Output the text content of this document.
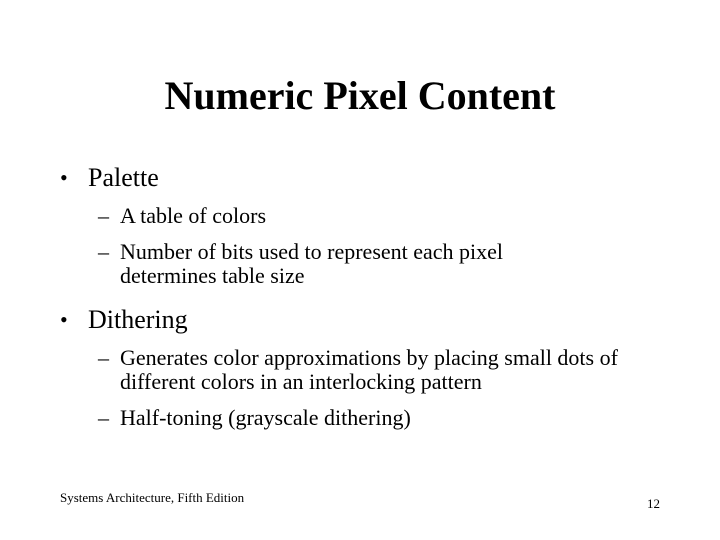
Numeric Pixel Content

• Palette

– A table of colors
– Number of bits used to represent each pixel determines table size

• Dithering

– Generates color approximations by placing small dots of different colors in an interlocking pattern
– Half-toning (grayscale dithering)

Systems Architecture, Fifth Edition	12
